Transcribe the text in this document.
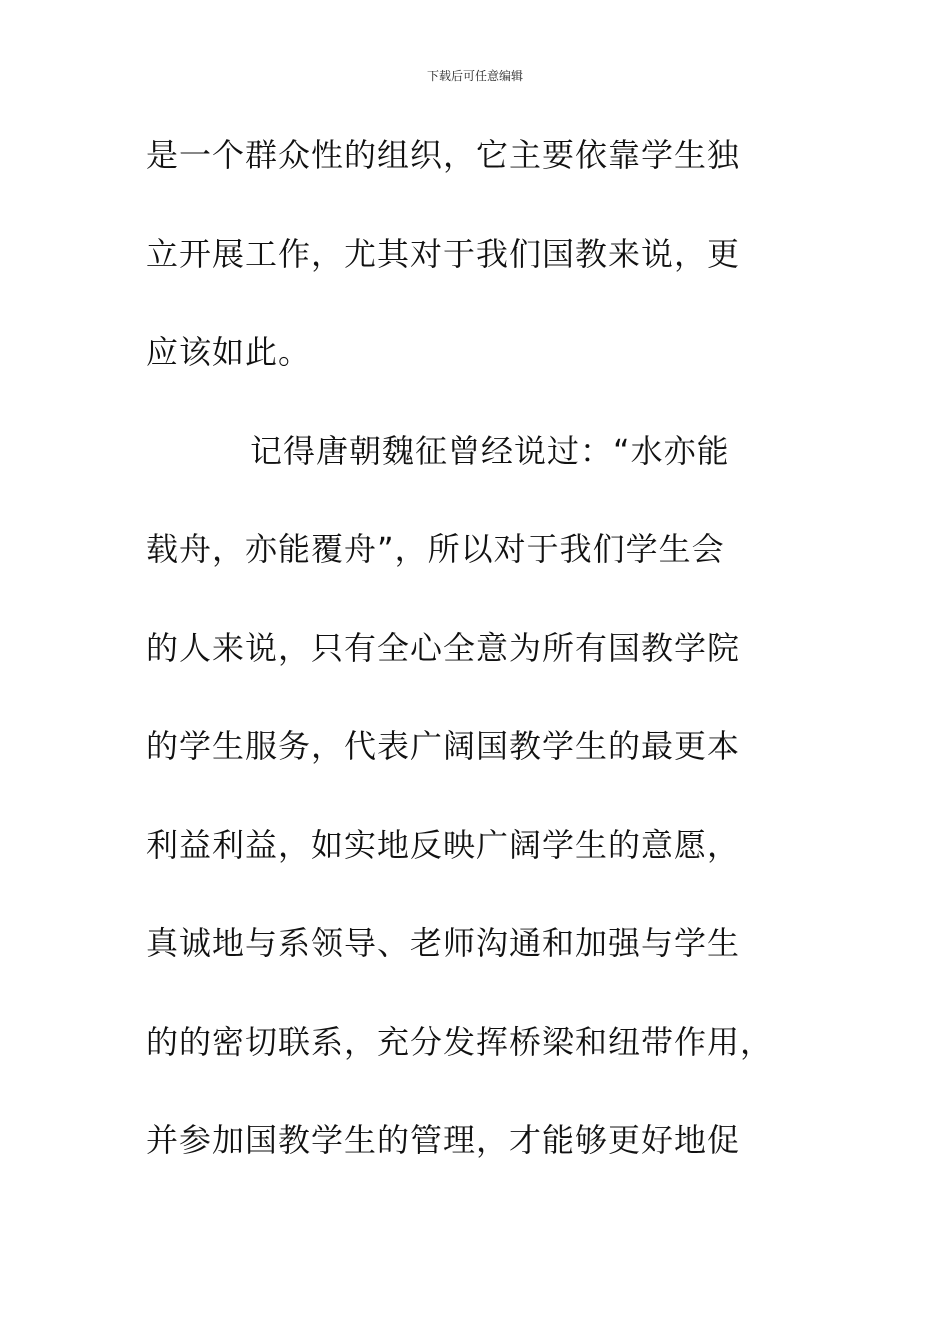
下载后可任意编辑
是一个群众性的组织，它主要依靠学生独
立开展工作，尤其对于我们国教来说，更
应该如此。
记得唐朝魏征曾经说过：“水亦能
载舟，亦能覆舟”，所以对于我们学生会
的人来说，只有全心全意为所有国教学院
的学生服务，代表广阔国教学生的最更本
利益利益，如实地反映广阔学生的意愿，
真诚地与系领导、老师沟通和加强与学生
的的密切联系，充分发挥桥梁和纽带作用，
并参加国教学生的管理，才能够更好地促
